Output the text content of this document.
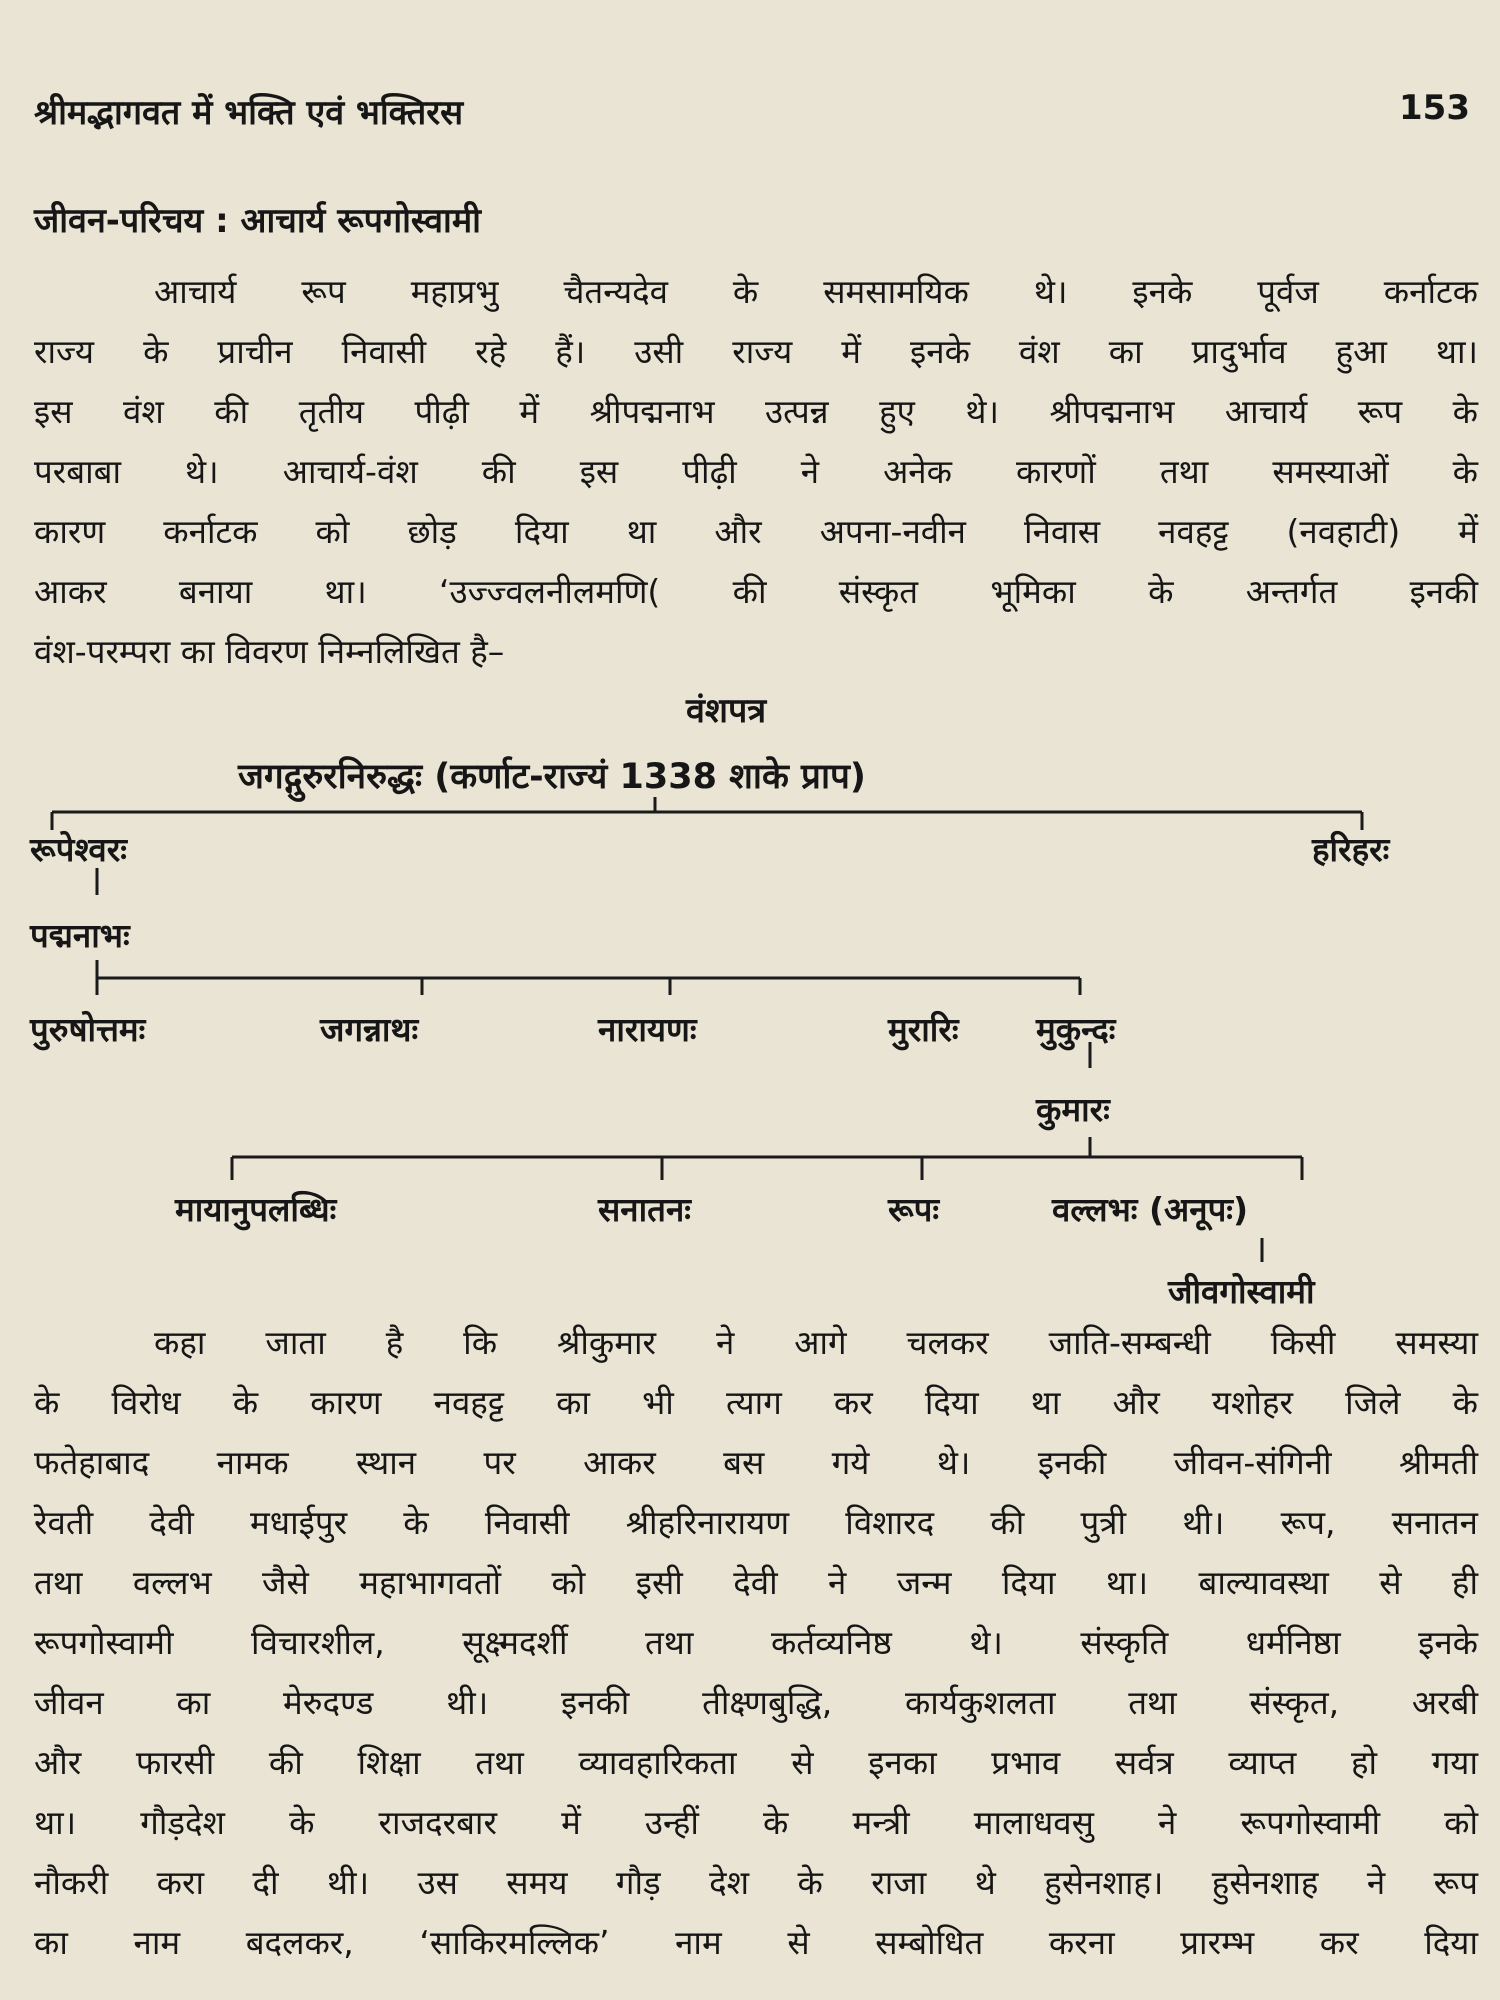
श्रीमद्भागवत में भक्ति एवं भक्तिरस	153
जीवन-परिचय : आचार्य रूपगोस्वामी
आचार्य रूप महाप्रभु चैतन्यदेव के समसामयिक थे। इनके पूर्वज कर्नाटक
राज्य के प्राचीन निवासी रहे हैं। उसी राज्य में इनके वंश का प्रादुर्भाव हुआ था।
इस वंश की तृतीय पीढ़ी में श्रीपद्मनाभ उत्पन्न हुए थे। श्रीपद्मनाभ आचार्य रूप के
परबाबा थे। आचार्य-वंश की इस पीढ़ी ने अनेक कारणों तथा समस्याओं के
कारण कर्नाटक को छोड़ दिया था और अपना-नवीन निवास नवहट्ट (नवहाटी) में
आकर बनाया था। ‘उज्ज्वलनीलमणि( की संस्कृत भूमिका के अन्तर्गत इनकी
वंश-परम्परा का विवरण निम्नलिखित है–
वंशपत्र
जगद्गुरुरनिरुद्धः (कर्णाट-राज्यं 1338 शाके प्राप)
रूपेश्वरः	हरिहरः
पद्मनाभः
पुरुषोत्तमः	जगन्नाथः	नारायणः	मुरारिः मुकुन्दः
कुमारः
मायानुपलब्धिः	सनातनः	रूपः	वल्लभः (अनूपः)
जीवगोस्वामी
कहा जाता है कि श्रीकुमार ने आगे चलकर जाति-सम्बन्धी किसी समस्या
के विरोध के कारण नवहट्ट का भी त्याग कर दिया था और यशोहर जिले के
फतेहाबाद नामक स्थान पर आकर बस गये थे। इनकी जीवन-संगिनी श्रीमती
रेवती देवी मधाईपुर के निवासी श्रीहरिनारायण विशारद की पुत्री थी। रूप, सनातन
तथा वल्लभ जैसे महाभागवतों को इसी देवी ने जन्म दिया था। बाल्यावस्था से ही
रूपगोस्वामी विचारशील, सूक्ष्मदर्शी तथा कर्तव्यनिष्ठ थे। संस्कृति धर्मनिष्ठा इनके
जीवन का मेरुदण्ड थी। इनकी तीक्ष्णबुद्धि, कार्यकुशलता तथा संस्कृत, अरबी
और फारसी की शिक्षा तथा व्यावहारिकता से इनका प्रभाव सर्वत्र व्याप्त हो गया
था। गौड़देश के राजदरबार में उन्हीं के मन्त्री मालाधवसु ने रूपगोस्वामी को
नौकरी करा दी थी। उस समय गौड़ देश के राजा थे हुसेनशाह। हुसेनशाह ने रूप
का नाम बदलकर, ‘साकिरमल्लिक’ नाम से सम्बोधित करना प्रारम्भ कर दिया
